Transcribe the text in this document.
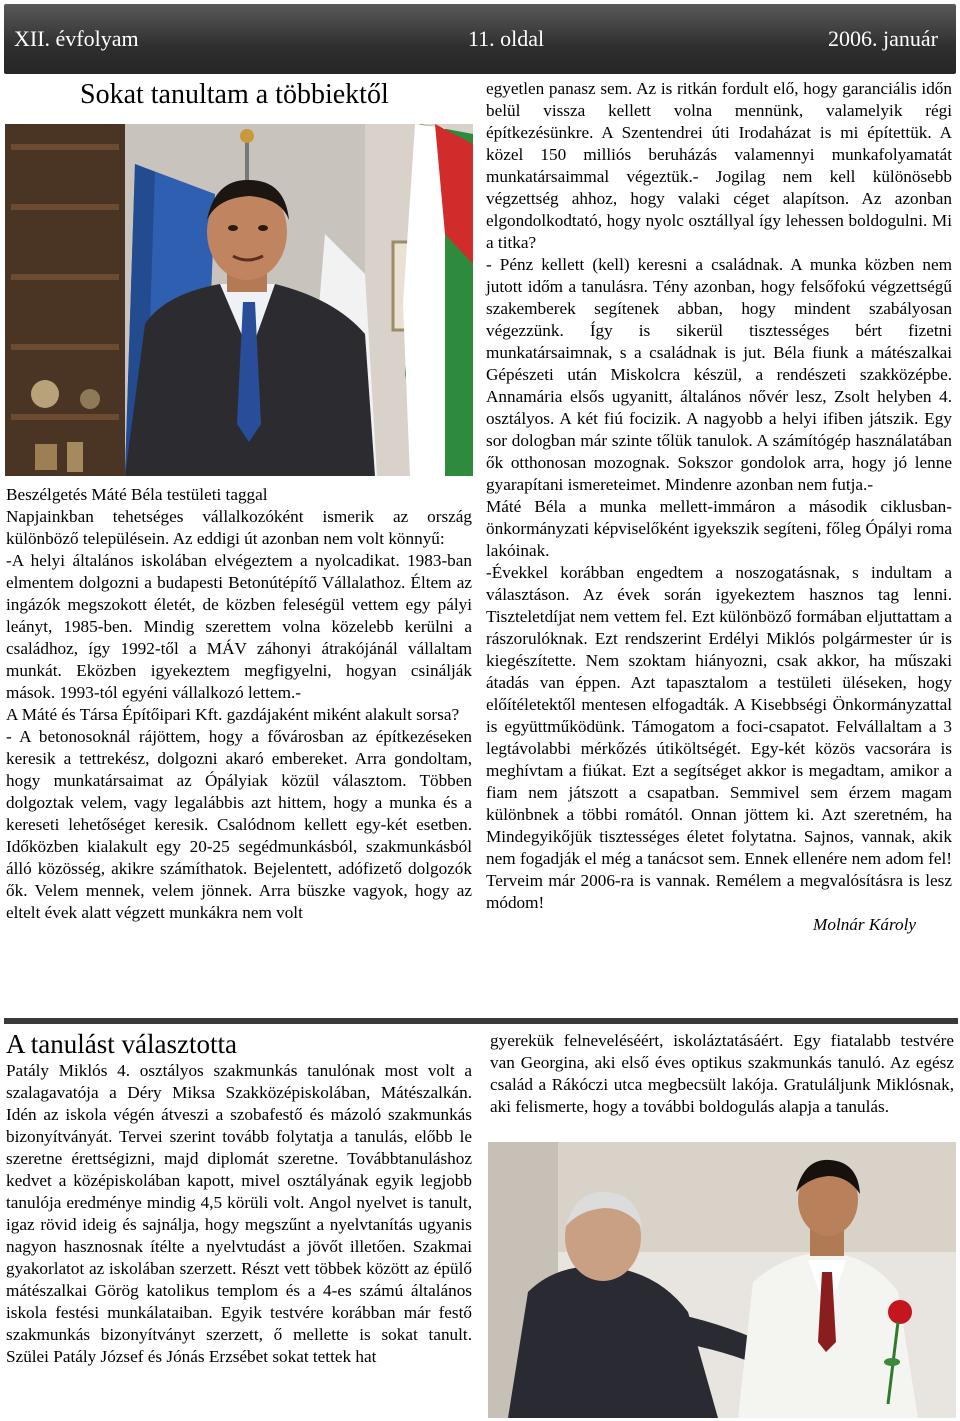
XII. évfolyam	11. oldal	2006. január
Sokat tanultam a többiektől

Beszélgetés Máté Béla testületi taggal

Napjainkban tehetséges vállalkozóként ismerik az ország különböző településein. Az eddigi út azonban nem volt könnyű:

-A helyi általános iskolában elvégeztem a nyolcadikat. 1983-ban elmentem dolgozni a budapesti Betonútépítő Vállalathoz. Éltem az ingázók megszokott életét, de közben feleségül vettem egy pályi leányt, 1985-ben. Mindig szerettem volna közelebb kerülni a családhoz, így 1992-től a MÁV záhonyi átrakójánál vállaltam munkát. Eközben igyekeztem megfigyelni, hogyan csinálják mások. 1993-tól egyéni vállalkozó lettem.-

A Máté és Társa Építőipari Kft. gazdájaként miként alakult sorsa?

- A betonosoknál rájöttem, hogy a fővárosban az építkezéseken keresik a tettrekész, dolgozni akaró embereket. Arra gondoltam, hogy munkatársaimat az Ópályiak közül választom. Többen dolgoztak velem, vagy legalábbis azt hittem, hogy a munka és a kereseti lehetőséget keresik. Csalódnom kellett egy-két esetben. Időközben kialakult egy 20-25 segédmunkásból, szakmunkásból álló közösség, akikre számíthatok. Bejelentett, adófizető dolgozók ők. Velem mennek, velem jönnek. Arra büszke vagyok, hogy az eltelt évek alatt végzett munkákra nem volt

egyetlen panasz sem. Az is ritkán fordult elő, hogy garanciális időn belül vissza kellett volna mennünk, valamelyik régi építkezésünkre. A Szentendrei úti Irodaházat is mi építettük. A közel 150 milliós beruházás valamennyi munkafolyamatát munkatársaimmal végeztük.- Jogilag nem kell különösebb végzettség ahhoz, hogy valaki céget alapítson. Az azonban elgondolkodtató, hogy nyolc osztállyal így lehessen boldogulni. Mi a titka?

- Pénz kellett (kell) keresni a családnak. A munka közben nem jutott időm a tanulásra. Tény azonban, hogy felsőfokú végzettségű szakemberek segítenek abban, hogy mindent szabályosan végezzünk. Így is sikerül tisztességes bért fizetni munkatársaimnak, s a családnak is jut. Béla fiunk a mátészalkai Gépészeti után Miskolcra készül, a rendészeti szakközépbe. Annamária elsős ugyanitt, általános nővér lesz, Zsolt helyben 4. osztályos. A két fiú focizik. A nagyobb a helyi ifiben játszik. Egy sor dologban már szinte tőlük tanulok. A számítógép használatában ők otthonosan mozognak. Sokszor gondolok arra, hogy jó lenne gyarapítani ismereteimet. Mindenre azonban nem futja.-

Máté Béla a munka mellett-immáron a második ciklusban- önkormányzati képviselőként igyekszik segíteni, főleg Ópályi roma lakóinak.

-Évekkel korábban engedtem a noszogatásnak, s indultam a választáson. Az évek során igyekeztem hasznos tag lenni. Tiszteletdíjat nem vettem fel. Ezt különböző formában eljuttattam a rászorulóknak. Ezt rendszerint Erdélyi Miklós polgármester úr is kiegészítette. Nem szoktam hiányozni, csak akkor, ha műszaki átadás van éppen. Azt tapasztalom a testületi üléseken, hogy előítéletektől mentesen elfogadták. A Kisebbségi Önkormányzattal is együttműködünk. Támogatom a foci-csapatot. Felvállaltam a 3 legtávolabbi mérkőzés útiköltségét. Egy-két közös vacsorára is meghívtam a fiúkat. Ezt a segítséget akkor is megadtam, amikor a fiam nem játszott a csapatban. Semmivel sem érzem magam különbnek a többi romától. Onnan jöttem ki. Azt szeretném, ha Mindegyikőjük tisztességes életet folytatna. Sajnos, vannak, akik nem fogadják el még a tanácsot sem. Ennek ellenére nem adom fel! Terveim már 2006-ra is vannak. Remélem a megvalósításra is lesz módom!

Molnár Károly

A tanulást választotta

Patály Miklós 4. osztályos szakmunkás tanulónak most volt a szalagavatója a Déry Miksa Szakközépiskolában, Mátészalkán. Idén az iskola végén átveszi a szobafestő és mázoló szakmunkás bizonyítványát. Tervei szerint tovább folytatja a tanulás, előbb le szeretne érettségizni, majd diplomát szeretne. Továbbtanuláshoz kedvet a középiskolában kapott, mivel osztályának egyik legjobb tanulója eredménye mindig 4,5 körüli volt. Angol nyelvet is tanult, igaz rövid ideig és sajnálja, hogy megszűnt a nyelvtanítás ugyanis nagyon hasznosnak ítélte a nyelvtudást a jövőt illetően. Szakmai gyakorlatot az iskolában szerzett. Részt vett többek között az épülő mátészalkai Görög katolikus templom és a 4-es számú általános iskola festési munkálataiban. Egyik testvére korábban már festő szakmunkás bizonyítványt szerzett, ő mellette is sokat tanult. Szülei Patály József és Jónás Erzsébet sokat tettek hat

gyerekük felneveléséért, iskoláztatásáért. Egy fiatalabb testvére van Georgina, aki első éves optikus szakmunkás tanuló. Az egész család a Rákóczi utca megbecsült lakója. Gratuláljunk Miklósnak, aki felismerte, hogy a további boldogulás alapja a tanulás.
